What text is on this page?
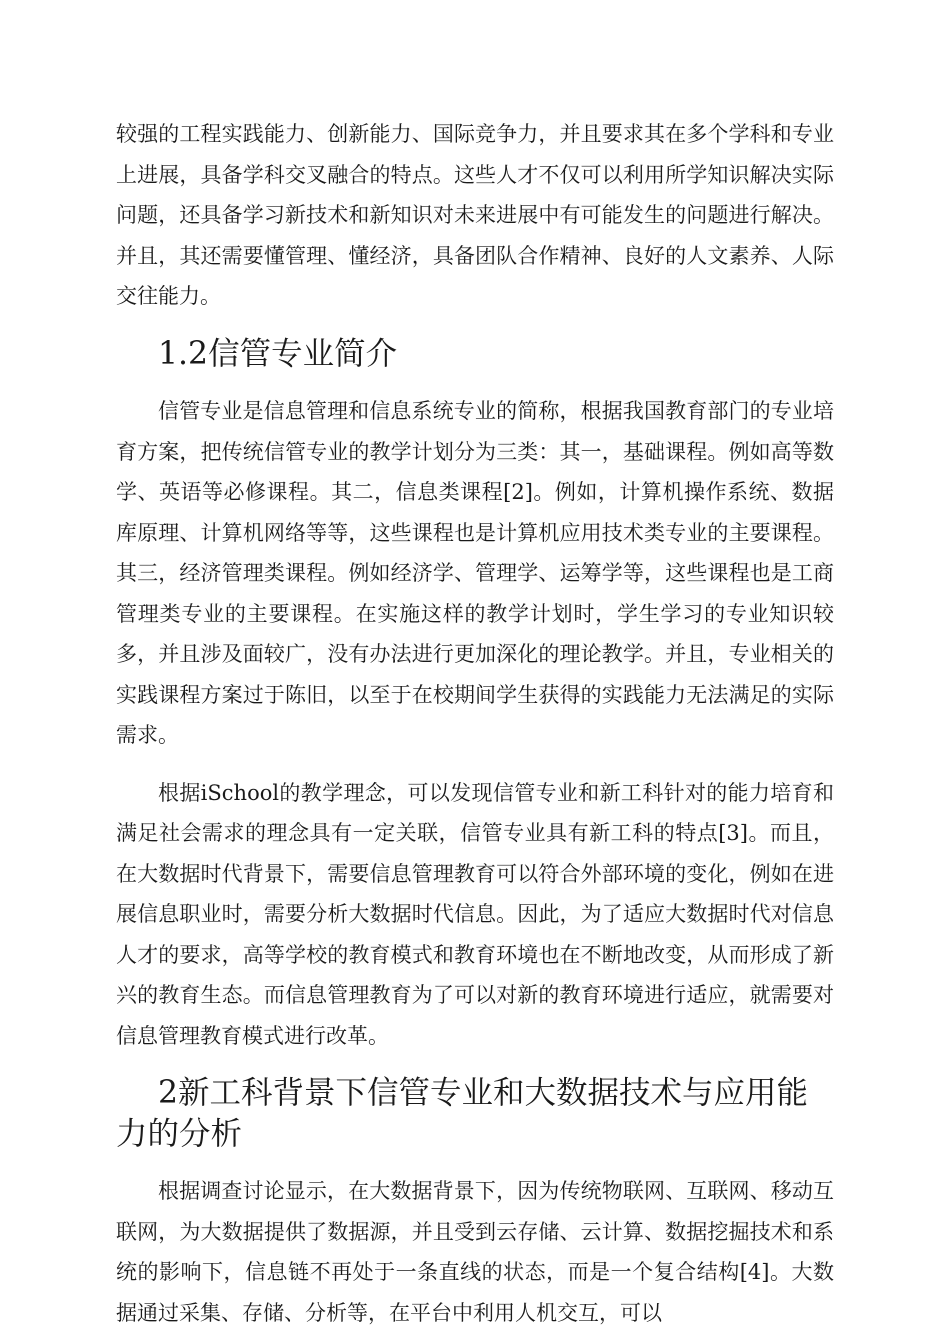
较强的工程实践能力、创新能力、国际竞争力，并且要求其在多个学科和专业上进展，具备学科交叉融合的特点。这些人才不仅可以利用所学知识解决实际问题，还具备学习新技术和新知识对未来进展中有可能发生的问题进行解决。并且，其还需要懂管理、懂经济，具备团队合作精神、良好的人文素养、人际交往能力。

1.2信管专业简介

信管专业是信息管理和信息系统专业的简称，根据我国教育部门的专业培育方案，把传统信管专业的教学计划分为三类：其一，基础课程。例如高等数学、英语等必修课程。其二，信息类课程[2]。例如，计算机操作系统、数据库原理、计算机网络等等，这些课程也是计算机应用技术类专业的主要课程。其三，经济管理类课程。例如经济学、管理学、运筹学等，这些课程也是工商管理类专业的主要课程。在实施这样的教学计划时，学生学习的专业知识较多，并且涉及面较广，没有办法进行更加深化的理论教学。并且，专业相关的实践课程方案过于陈旧，以至于在校期间学生获得的实践能力无法满足的实际需求。

根据iSchool的教学理念，可以发现信管专业和新工科针对的能力培育和满足社会需求的理念具有一定关联，信管专业具有新工科的特点[3]。而且，在大数据时代背景下，需要信息管理教育可以符合外部环境的变化，例如在进展信息职业时，需要分析大数据时代信息。因此，为了适应大数据时代对信息人才的要求，高等学校的教育模式和教育环境也在不断地改变，从而形成了新兴的教育生态。而信息管理教育为了可以对新的教育环境进行适应，就需要对信息管理教育模式进行改革。

2新工科背景下信管专业和大数据技术与应用能力的分析

根据调查讨论显示，在大数据背景下，因为传统物联网、互联网、移动互联网，为大数据提供了数据源，并且受到云存储、云计算、数据挖掘技术和系统的影响下，信息链不再处于一条直线的状态，而是一个复合结构[4]。大数据通过采集、存储、分析等，在平台中利用人机交互，可以
